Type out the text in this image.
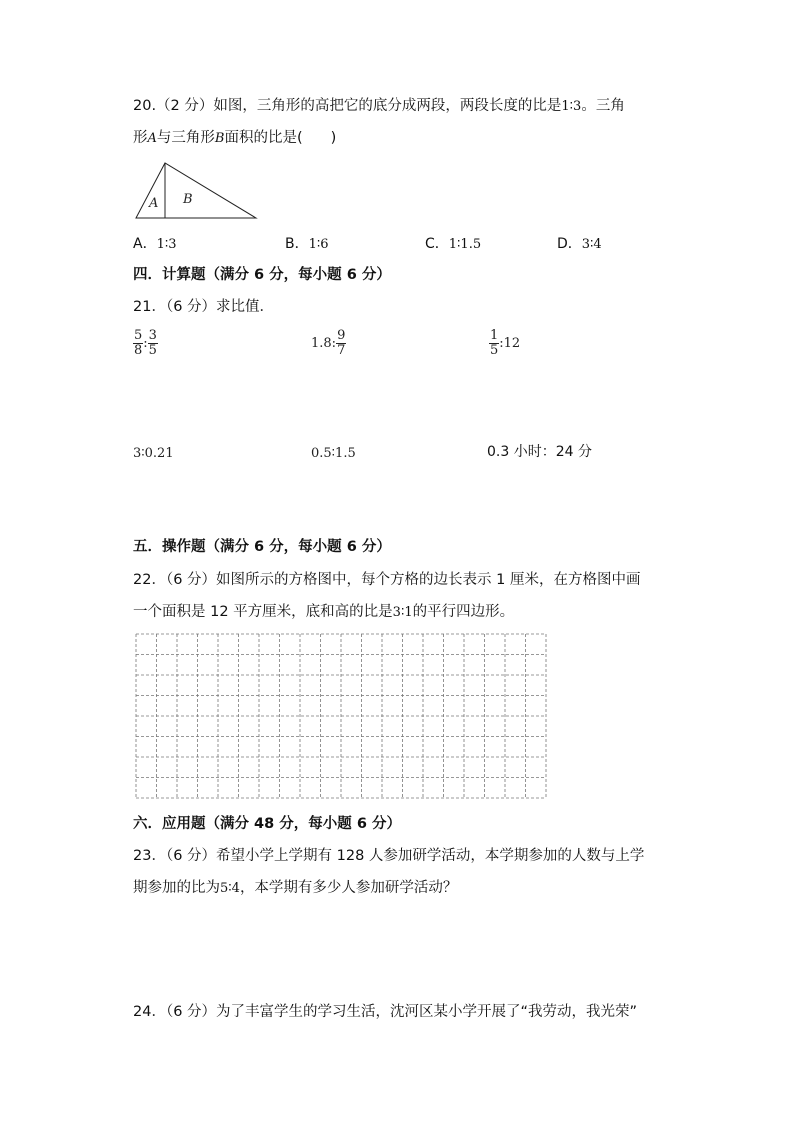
20.（2 分）如图，三角形的高把它的底分成两段，两段长度的比是1∶3。三角
形A与三角形B面积的比是( )
A B
A．1∶3	B．1∶6	C．1∶1.5	D．3∶4
四．计算题（满分 6 分，每小题 6 分）
21．（6 分）求比值．
$\frac{5}{8}$ : $\frac{3}{5}$	1.8: $\frac{9}{7}$	$\frac{1}{5}$ :12
3∶0.21	0.5∶1.5	0.3 小时：24 分
五．操作题（满分 6 分，每小题 6 分）
22．（6 分）如图所示的方格图中，每个方格的边长表示 1 厘米，在方格图中画
一个面积是 12 平方厘米，底和高的比是3∶1的平行四边形。
六．应用题（满分 48 分，每小题 6 分）
23．（6 分）希望小学上学期有 128 人参加研学活动，本学期参加的人数与上学
期参加的比为5∶4，本学期有多少人参加研学活动？
24．（6 分）为了丰富学生的学习生活，沈河区某小学开展了“我劳动，我光荣”
